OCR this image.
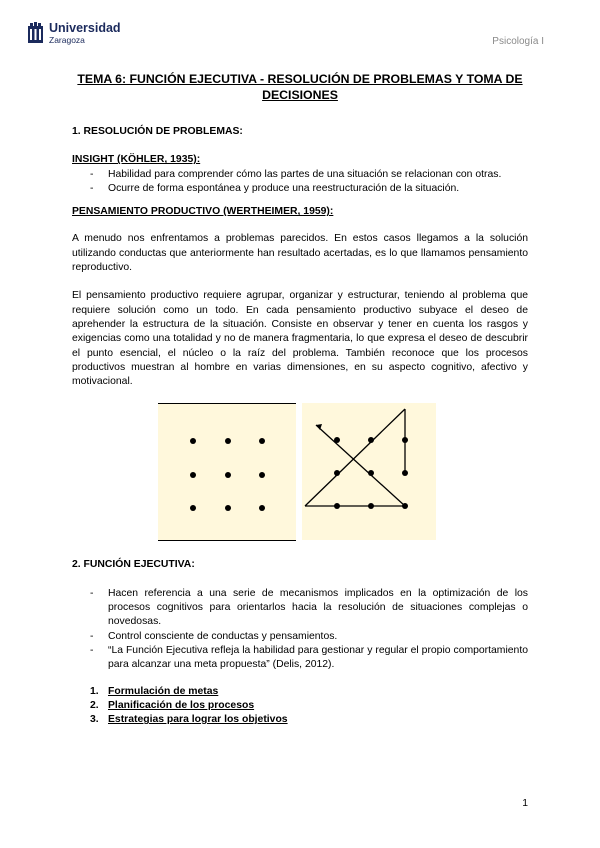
Universidad
Zaragoza	Psicología I
TEMA 6: FUNCIÓN EJECUTIVA - RESOLUCIÓN DE PROBLEMAS Y TOMA DE DECISIONES

1. RESOLUCIÓN DE PROBLEMAS:

INSIGHT (KÖHLER, 1935):

- Habilidad para comprender cómo las partes de una situación se relacionan con otras.
- Ocurre de forma espontánea y produce una reestructuración de la situación.

PENSAMIENTO PRODUCTIVO (WERTHEIMER, 1959):

A menudo nos enfrentamos a problemas parecidos. En estos casos llegamos a la solución utilizando conductas que anteriormente han resultado acertadas, es lo que llamamos pensamiento reproductivo.

El pensamiento productivo requiere agrupar, organizar y estructurar, teniendo al problema que requiere solución como un todo. En cada pensamiento productivo subyace el deseo de aprehender la estructura de la situación. Consiste en observar y tener en cuenta los rasgos y exigencias como una totalidad y no de manera fragmentaria, lo que expresa el deseo de descubrir el punto esencial, el núcleo o la raíz del problema. También reconoce que los procesos productivos muestran al hombre en varias dimensiones, en su aspecto cognitivo, afectivo y motivacional.

2. FUNCIÓN EJECUTIVA:

- Hacen referencia a una serie de mecanismos implicados en la optimización de los procesos cognitivos para orientarlos hacia la resolución de situaciones complejas o novedosas.
- Control consciente de conductas y pensamientos.
- “La Función Ejecutiva refleja la habilidad para gestionar y regular el propio comportamiento para alcanzar una meta propuesta” (Delis, 2012).
1. Formulación de metas
2. Planificación de los procesos
3. Estrategias para lograr los objetivos
1
